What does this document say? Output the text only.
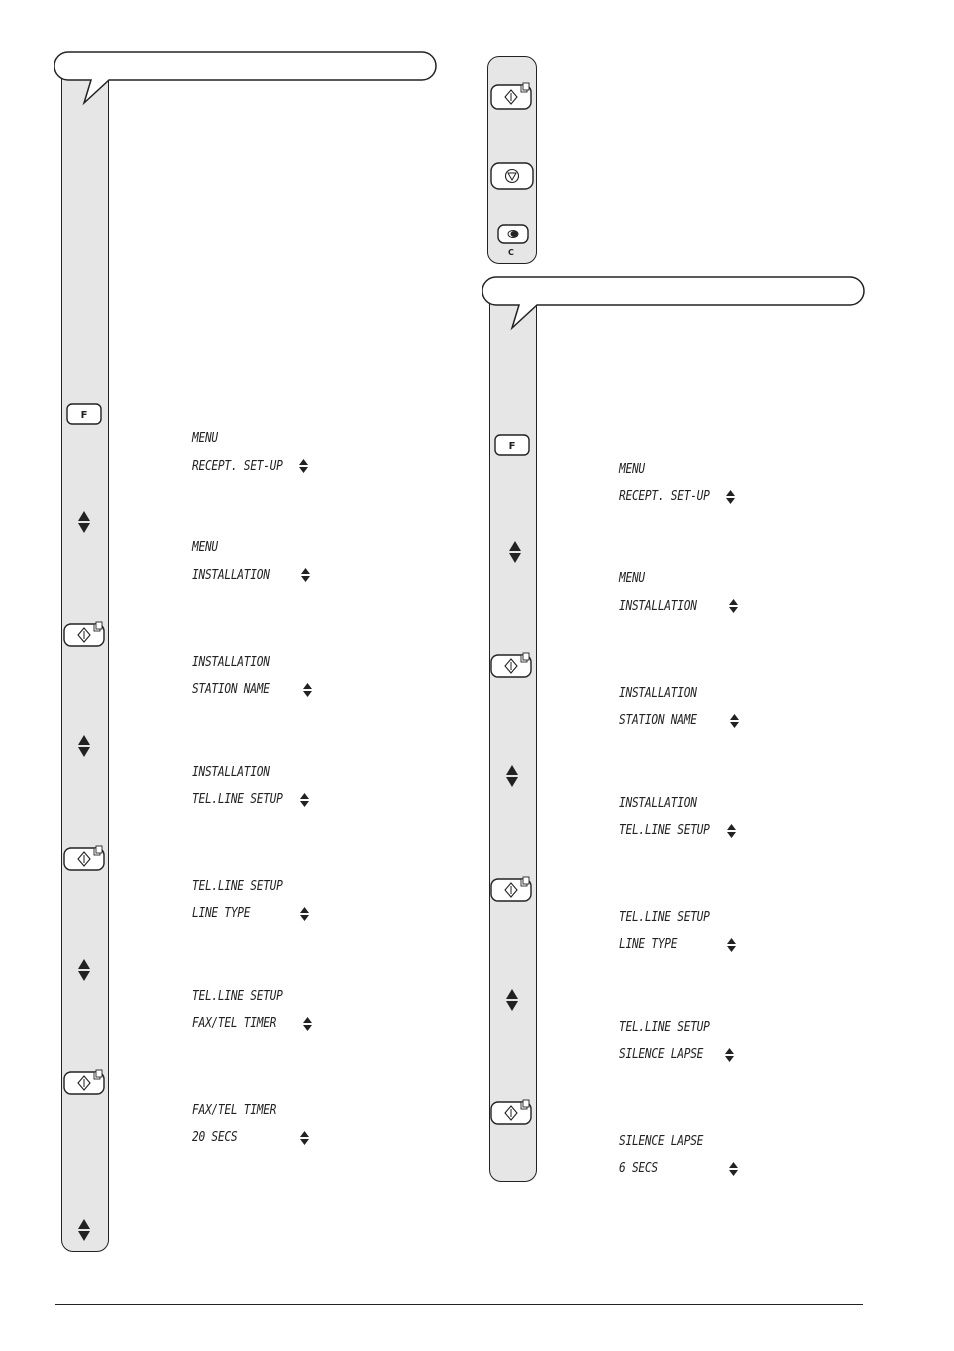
F
MENU
RECEPT. SET-UP
MENU
INSTALLATION
INSTALLATION
STATION NAME
INSTALLATION
TEL.LINE SETUP
TEL.LINE SETUP
LINE TYPE
TEL.LINE SETUP
FAX/TEL TIMER
FAX/TEL TIMER
20 SECS
C
F
MENU
RECEPT. SET-UP
MENU
INSTALLATION
INSTALLATION
STATION NAME
INSTALLATION
TEL.LINE SETUP
TEL.LINE SETUP
LINE TYPE
TEL.LINE SETUP
SILENCE LAPSE
SILENCE LAPSE
6 SECS
